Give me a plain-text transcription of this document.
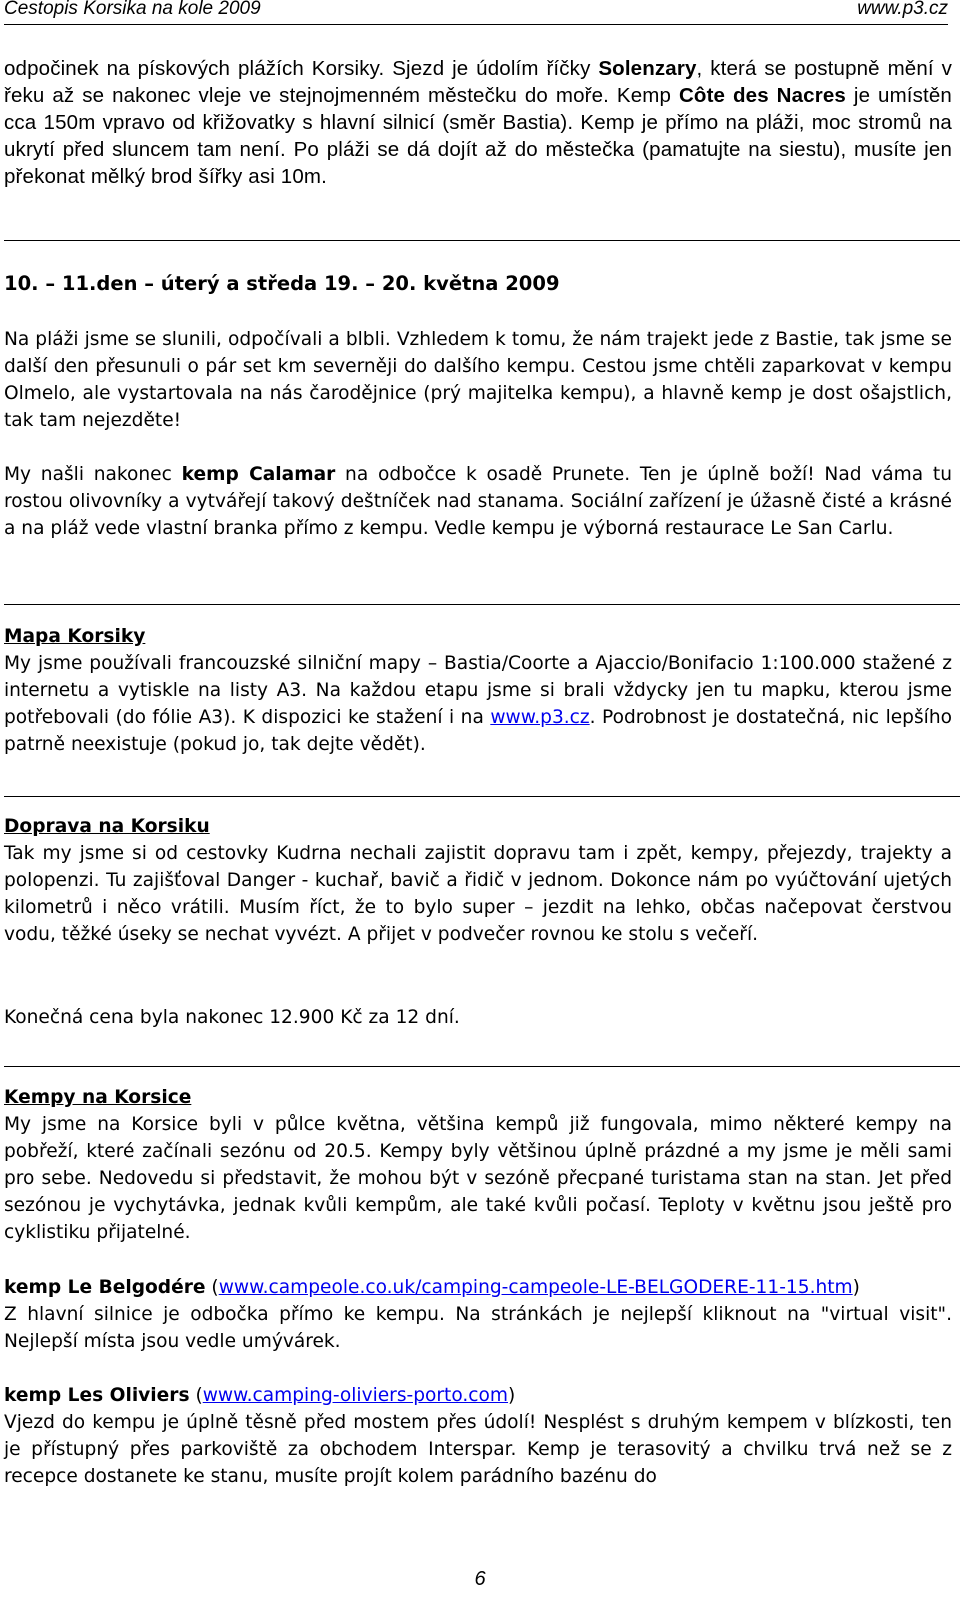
Cestopis Korsika na kole 2009	www.p3.cz

odpočinek na pískových plážích Korsiky. Sjezd je údolím říčky Solenzary, která se postupně mění v řeku až se nakonec vleje ve stejnojmenném městečku do moře. Kemp Côte des Nacres je umístěn cca 150m vpravo od křižovatky s hlavní silnicí (směr Bastia). Kemp je přímo na pláži, moc stromů na ukrytí před sluncem tam není. Po pláži se dá dojít až do městečka (pamatujte na siestu), musíte jen překonat mělký brod šířky asi 10m.

10. – 11.den – úterý a středa 19. – 20. května 2009

Na pláži jsme se slunili, odpočívali a blbli. Vzhledem k tomu, že nám trajekt jede z Bastie, tak jsme se další den přesunuli o pár set km severněji do dalšího kempu. Cestou jsme chtěli zaparkovat v kempu Olmelo, ale vystartovala na nás čarodějnice (prý majitelka kempu), a hlavně kemp je dost ošajstlich, tak tam nejezděte!

My našli nakonec kemp Calamar na odbočce k osadě Prunete. Ten je úplně boží! Nad váma tu rostou olivovníky a vytvářejí takový deštníček nad stanama. Sociální zařízení je úžasně čisté a krásné a na pláž vede vlastní branka přímo z kempu. Vedle kempu je výborná restaurace Le San Carlu.

Mapa Korsiky
My jsme používali francouzské silniční mapy – Bastia/Coorte a Ajaccio/Bonifacio 1:100.000 stažené z internetu a vytiskle na listy A3. Na každou etapu jsme si brali vždycky jen tu mapku, kterou jsme potřebovali (do fólie A3). K dispozici ke stažení i na www.p3.cz. Podrobnost je dostatečná, nic lepšího patrně neexistuje (pokud jo, tak dejte vědět).
Doprava na Korsiku
Tak my jsme si od cestovky Kudrna nechali zajistit dopravu tam i zpět, kempy, přejezdy, trajekty a polopenzi. Tu zajišťoval Danger - kuchař, bavič a řidič v jednom. Dokonce nám po vyúčtování ujetých kilometrů i něco vrátili. Musím říct, že to bylo super – jezdit na lehko, občas načepovat čerstvou vodu, těžké úseky se nechat vyvézt. A přijet v podvečer rovnou ke stolu s večeří.

Konečná cena byla nakonec 12.900 Kč za 12 dní.

Kempy na Korsice
My jsme na Korsice byli v půlce května, většina kempů již fungovala, mimo některé kempy na pobřeží, které začínali sezónu od 20.5. Kempy byly většinou úplně prázdné a my jsme je měli sami pro sebe. Nedovedu si představit, že mohou být v sezóně přecpané turistama stan na stan. Jet před sezónou je vychytávka, jednak kvůli kempům, ale také kvůli počasí. Teploty v květnu jsou ještě pro cyklistiku přijatelné.

kemp Le Belgodére (www.campeole.co.uk/camping-campeole-LE-BELGODERE-11-15.htm)
Z hlavní silnice je odbočka přímo ke kempu. Na stránkách je nejlepší kliknout na "virtual visit". Nejlepší místa jsou vedle umývárek.

kemp Les Oliviers (www.camping-oliviers-porto.com)
Vjezd do kempu je úplně těsně před mostem přes údolí! Nesplést s druhým kempem v blízkosti, ten je přístupný přes parkoviště za obchodem Interspar. Kemp je terasovitý a chvilku trvá než se z recepce dostanete ke stanu, musíte projít kolem parádního bazénu do

6
